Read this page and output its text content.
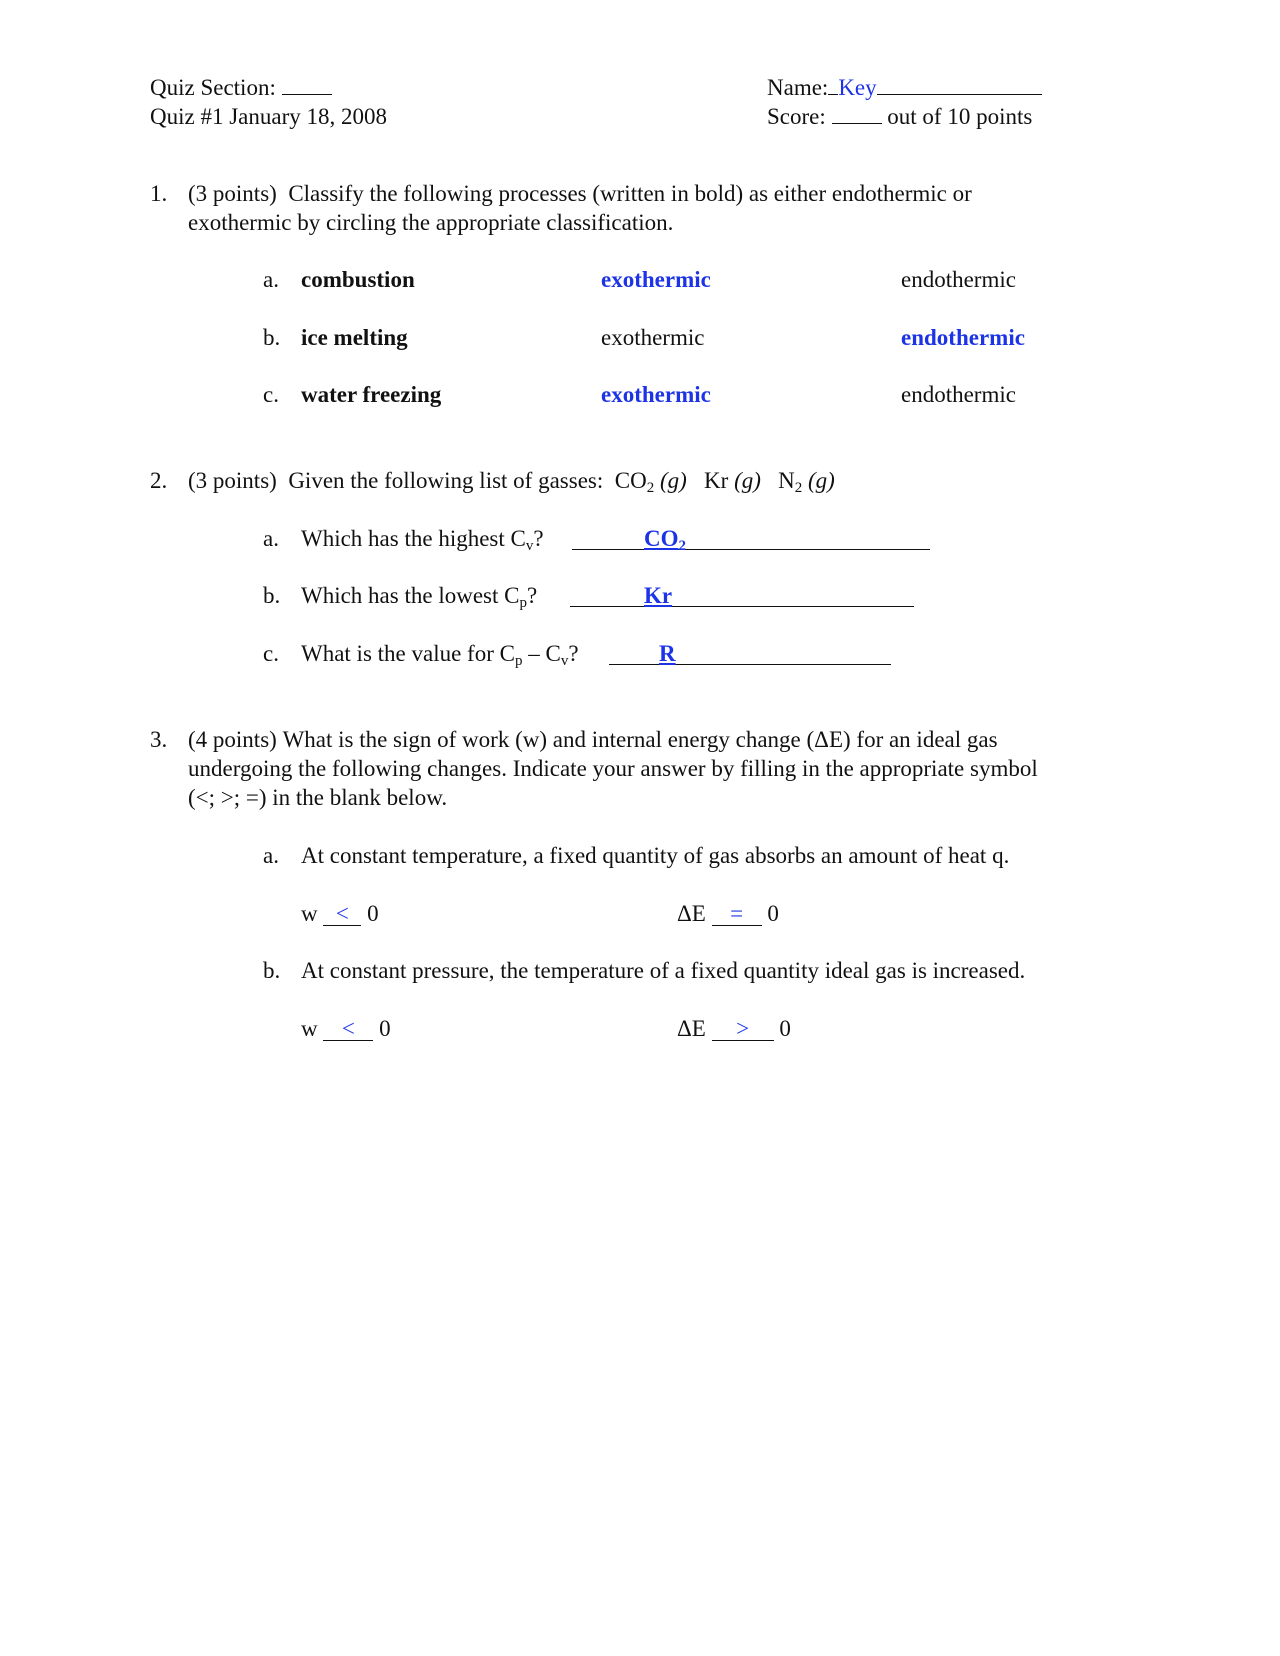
Quiz Section:
Quiz #1 January 18, 2008
Name: Key
Score:	out of 10 points
1. (3 points) Classify the following processes (written in bold) as either endothermic or
exothermic by circling the appropriate classification.
a. combustion	exothermic	endothermic
b. ice melting	exothermic	endothermic
c. water freezing	exothermic	endothermic
2. (3 points) Given the following list of gasses: $CO_2$ (g) Kr (g) $N_2$ (g)
a. Which has the highest $C_v$?	$CO_2$
b. Which has the lowest $C_p$?	Kr
c. What is the value for $C_p - C_v$?	R
3. (4 points) What is the sign of work (w) and internal energy change (ΔE) for an ideal gas
undergoing the following changes. Indicate your answer by filling in the appropriate symbol
(<; >; =) in the blank below.
a. At constant temperature, a fixed quantity of gas absorbs an amount of heat q.
w < 0	ΔE = 0
b. At constant pressure, the temperature of a fixed quantity ideal gas is increased.
w < 0	ΔE > 0
